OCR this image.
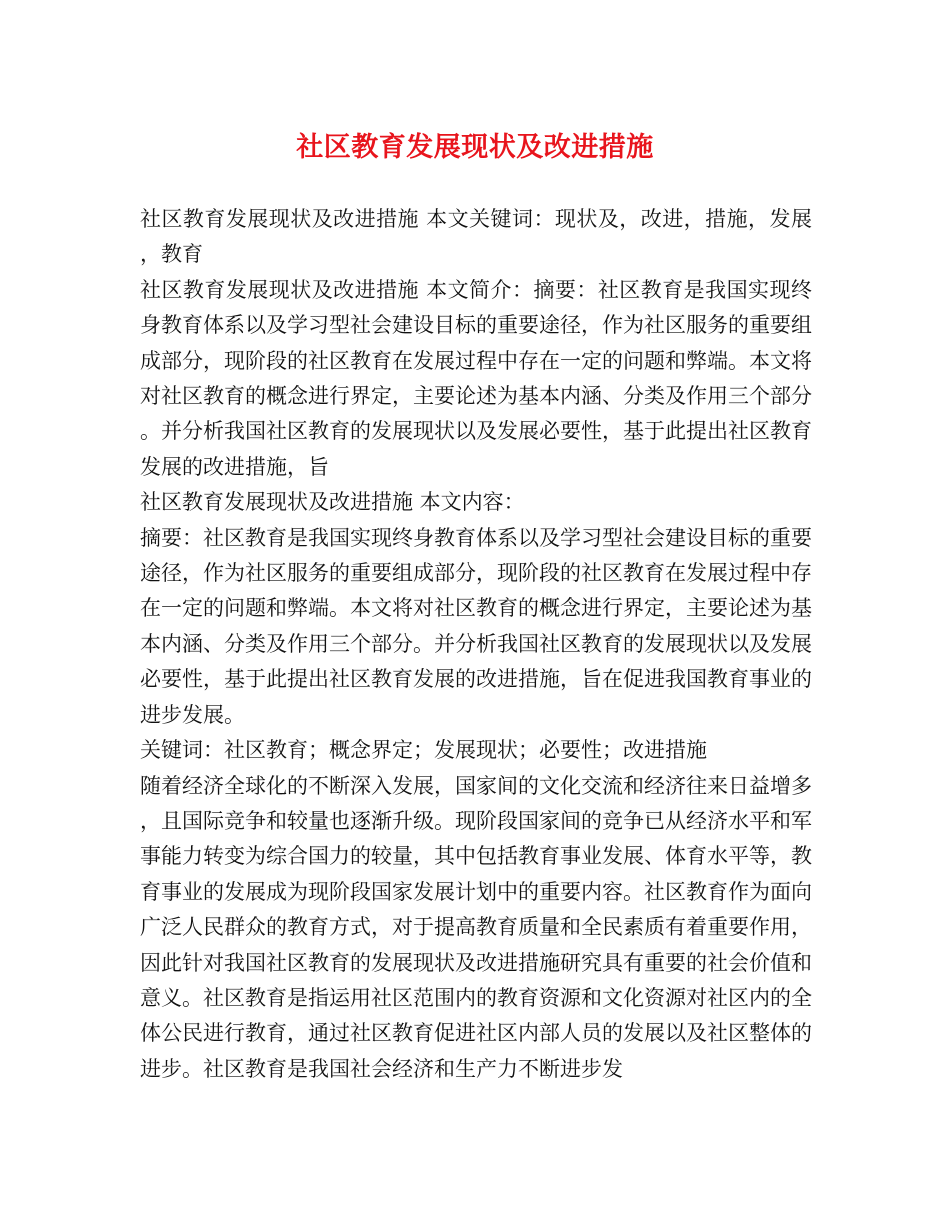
社区教育发展现状及改进措施

社区教育发展现状及改进措施 本文关键词：现状及，改进，措施，发展，教育

社区教育发展现状及改进措施 本文简介：摘要：社区教育是我国实现终身教育体系以及学习型社会建设目标的重要途径，作为社区服务的重要组成部分，现阶段的社区教育在发展过程中存在一定的问题和弊端。本文将对社区教育的概念进行界定，主要论述为基本内涵、分类及作用三个部分。并分析我国社区教育的发展现状以及发展必要性，基于此提出社区教育发展的改进措施，旨

社区教育发展现状及改进措施 本文内容：

摘要：社区教育是我国实现终身教育体系以及学习型社会建设目标的重要途径，作为社区服务的重要组成部分，现阶段的社区教育在发展过程中存在一定的问题和弊端。本文将对社区教育的概念进行界定，主要论述为基本内涵、分类及作用三个部分。并分析我国社区教育的发展现状以及发展必要性，基于此提出社区教育发展的改进措施，旨在促进我国教育事业的进步发展。

关键词：社区教育；概念界定；发展现状；必要性；改进措施

随着经济全球化的不断深入发展，国家间的文化交流和经济往来日益增多，且国际竞争和较量也逐渐升级。现阶段国家间的竞争已从经济水平和军事能力转变为综合国力的较量，其中包括教育事业发展、体育水平等，教育事业的发展成为现阶段国家发展计划中的重要内容。社区教育作为面向广泛人民群众的教育方式，对于提高教育质量和全民素质有着重要作用，因此针对我国社区教育的发展现状及改进措施研究具有重要的社会价值和意义。社区教育是指运用社区范围内的教育资源和文化资源对社区内的全体公民进行教育，通过社区教育促进社区内部人员的发展以及社区整体的进步。社区教育是我国社会经济和生产力不断进步发
